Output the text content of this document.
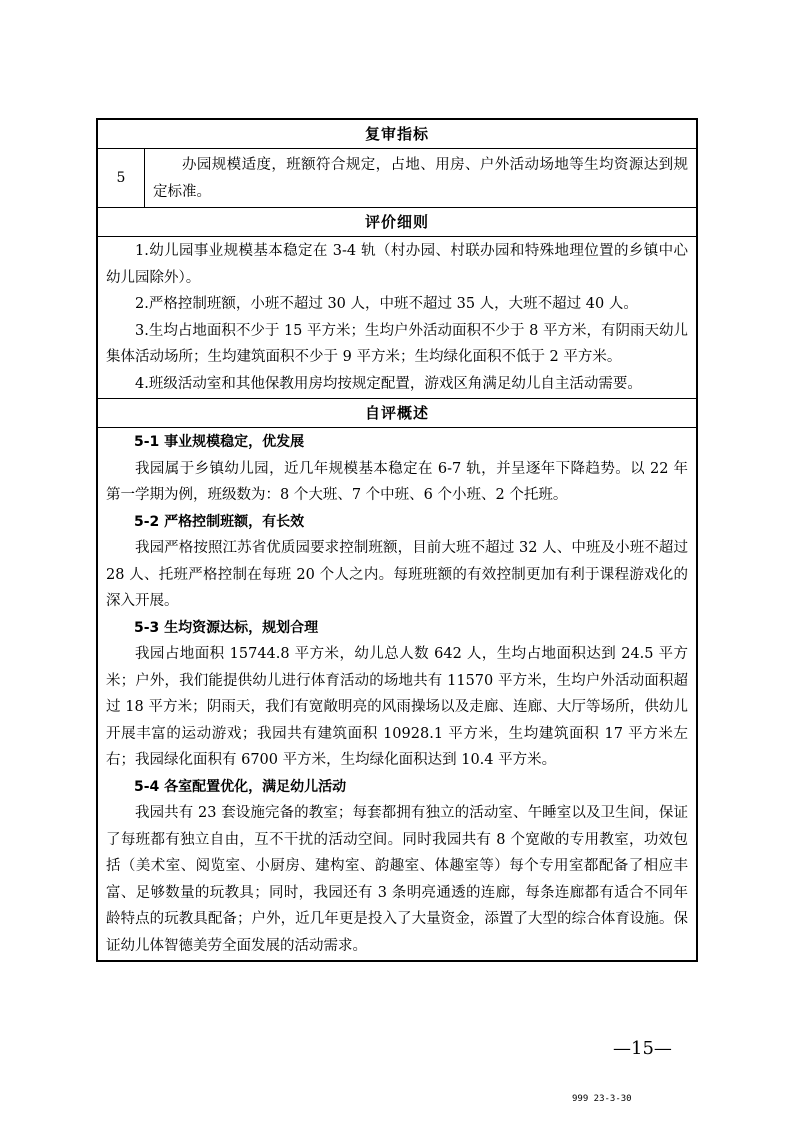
复审指标
5

办园规模适度，班额符合规定，占地、用房、户外活动场地等生均资源达到规定标准。

评价细则

1.幼儿园事业规模基本稳定在 3-4 轨（村办园、村联办园和特殊地理位置的乡镇中心幼儿园除外）。

2.严格控制班额，小班不超过 30 人，中班不超过 35 人，大班不超过 40 人。

3.生均占地面积不少于 15 平方米；生均户外活动面积不少于 8 平方米，有阴雨天幼儿集体活动场所；生均建筑面积不少于 9 平方米；生均绿化面积不低于 2 平方米。

4.班级活动室和其他保教用房均按规定配置，游戏区角满足幼儿自主活动需要。

自评概述

5-1 事业规模稳定，优发展

我园属于乡镇幼儿园，近几年规模基本稳定在 6-7 轨，并呈逐年下降趋势。以 22 年第一学期为例，班级数为：8 个大班、7 个中班、6 个小班、2 个托班。

5-2 严格控制班额，有长效

我园严格按照江苏省优质园要求控制班额，目前大班不超过 32 人、中班及小班不超过 28 人、托班严格控制在每班 20 个人之内。每班班额的有效控制更加有利于课程游戏化的深入开展。

5-3 生均资源达标，规划合理

我园占地面积 15744.8 平方米，幼儿总人数 642 人，生均占地面积达到 24.5 平方米；户外，我们能提供幼儿进行体育活动的场地共有 11570 平方米，生均户外活动面积超过 18 平方米；阴雨天，我们有宽敞明亮的风雨操场以及走廊、连廊、大厅等场所，供幼儿开展丰富的运动游戏；我园共有建筑面积 10928.1 平方米，生均建筑面积 17 平方米左右；我园绿化面积有 6700 平方米，生均绿化面积达到 10.4 平方米。

5-4 各室配置优化，满足幼儿活动

我园共有 23 套设施完备的教室；每套都拥有独立的活动室、午睡室以及卫生间，保证了每班都有独立自由，互不干扰的活动空间。同时我园共有 8 个宽敞的专用教室，功效包括（美术室、阅览室、小厨房、建构室、韵趣室、体趣室等）每个专用室都配备了相应丰富、足够数量的玩教具；同时，我园还有 3 条明亮通透的连廊，每条连廊都有适合不同年龄特点的玩教具配备；户外，近几年更是投入了大量资金，添置了大型的综合体育设施。保证幼儿体智德美劳全面发展的活动需求。

—15—
999 23-3-30
